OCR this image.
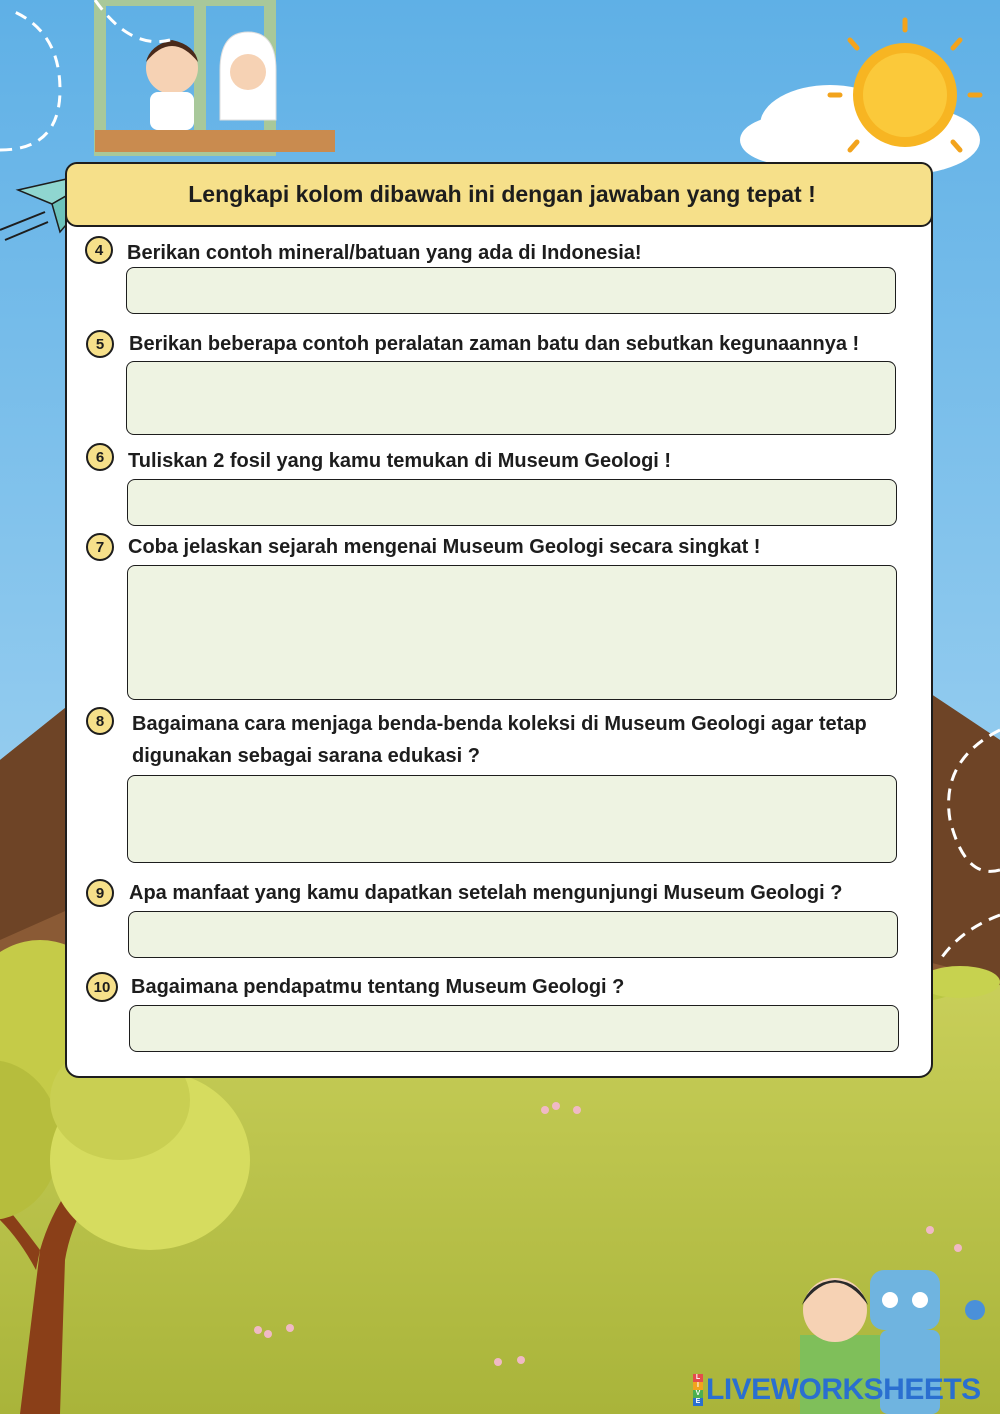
Lengkapi kolom dibawah ini dengan jawaban yang tepat !
4	Berikan contoh mineral/batuan yang ada di Indonesia!
5	Berikan beberapa contoh peralatan zaman batu dan sebutkan kegunaannya !
6	Tuliskan 2 fosil yang kamu temukan di Museum Geologi !
7	Coba jelaskan sejarah mengenai Museum Geologi secara singkat !
8	Bagaimana cara menjaga benda-benda koleksi di Museum Geologi agar tetap digunakan sebagai sarana edukasi ?
9	Apa manfaat yang kamu dapatkan setelah mengunjungi Museum Geologi ?
10	Bagaimana pendapatmu tentang Museum Geologi ?
L
I
V
E LIVEWORKSHEETS
